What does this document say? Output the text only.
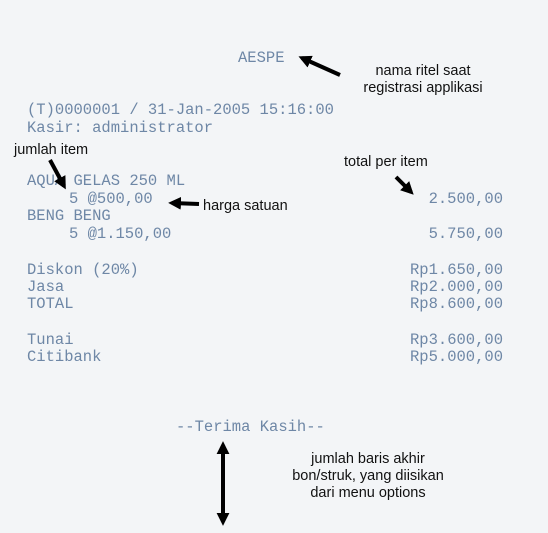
AESPE
(T)0000001 / 31-Jan-2005 15:16:00
Kasir: administrator
AQUA GELAS 250 ML
5 @500,00	2.500,00
BENG BENG
5 @1.150,00	5.750,00
Diskon (20%)	Rp1.650,00
Jasa	Rp2.000,00
TOTAL	Rp8.600,00
Tunai	Rp3.600,00
Citibank	Rp5.000,00
--Terima Kasih--
nama ritel saat
registrasi applikasi
jumlah item
total per item
harga satuan
jumlah baris akhir
bon/struk, yang diisikan
dari menu options
